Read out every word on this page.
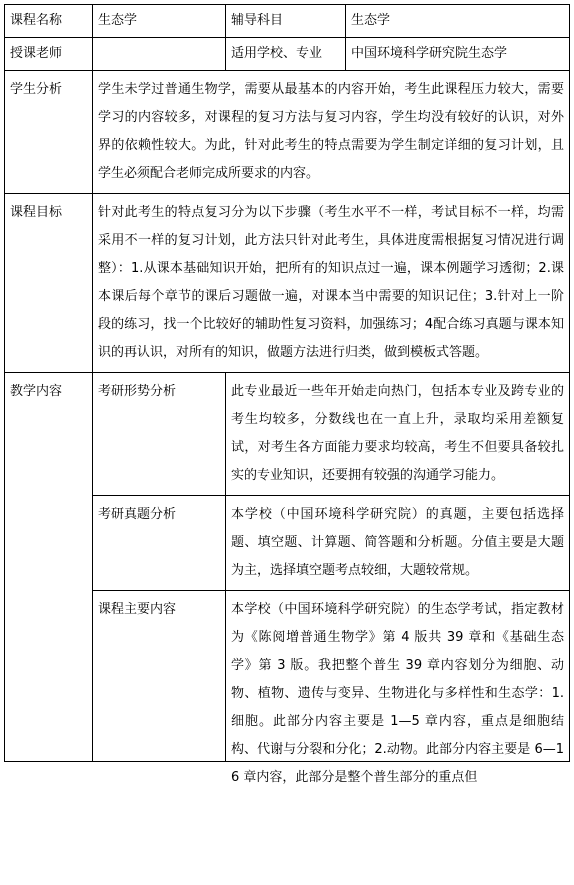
课程名称	生态学	辅导科目	生态学
授课老师		适用学校、专业	中国环境科学研究院生态学
学生分析	学生未学过普通生物学，需要从最基本的内容开始，考生此课程压力较大，需要学习的内容较多，对课程的复习方法与复习内容，学生均没有较好的认识，对外界的依赖性较大。为此，针对此考生的特点需要为学生制定详细的复习计划，且学生必须配合老师完成所要求的内容。		

课程目标	针对此考生的特点复习分为以下步骤（考生水平不一样，考试目标不一样，均需采用不一样的复习计划，此方法只针对此考生，具体进度需根据复习情况进行调整）：1.从课本基础知识开始，把所有的知识点过一遍，课本例题学习透彻；2.课本课后每个章节的课后习题做一遍，对课本当中需要的知识记住；3.针对上一阶段的练习，找一个比较好的辅助性复习资料，加强练习；4配合练习真题与课本知识的再认识，对所有的知识，做题方法进行归类，做到模板式答题。		

教学内容	考研形势分析	此专业最近一些年开始走向热门，包括本专业及跨专业的考生均较多，分数线也在一直上升，录取均采用差额复试，对考生各方面能力要求均较高，考生不但要具备较扎实的专业知识，还要拥有较强的沟通学习能力。	

	考研真题分析	本学校（中国环境科学研究院）的真题，主要包括选择题、填空题、计算题、简答题和分析题。分值主要是大题为主，选择填空题考点较细，大题较常规。	

	课程主要内容	本学校（中国环境科学研究院）的生态学考试，指定教材为《陈阅增普通生物学》第 4 版共 39 章和《基础生态学》第 3 版。我把整个普生 39 章内容划分为细胞、动物、植物、遗传与变异、生物进化与多样性和生态学：1.细胞。此部分内容主要是 1—5 章内容，重点是细胞结构、代谢与分裂和分化；2.动物。此部分内容主要是 6—16 章内容，此部分是整个普生部分的重点但	
